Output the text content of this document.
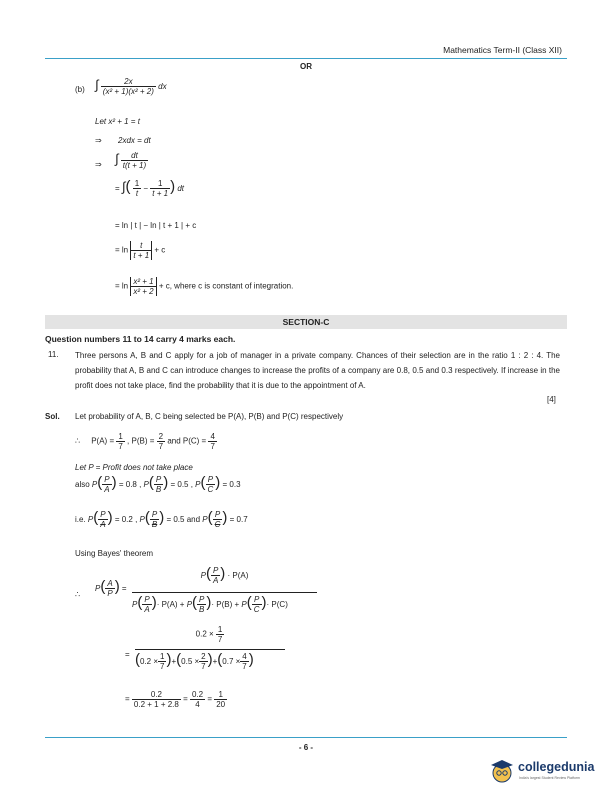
Mathematics Term-II (Class XII)
OR
(b) ∫ $\frac{2x}{\text{(x² + 1)(x² + 2)}}$ dx
Let x² + 1 = t
⇒ 2xdx = dt
⇒ ∫ $\frac{dt}{t(t + 1)}$
= ∫( $\frac{1}{t} - \frac{1}{t + 1}$ ) dt
= ln | t | − ln | t + 1 | + c
= $\ln \frac{t}{t + 1} + c$
= $\ln \frac{\text{x² + 1}}{\text{x² + 2}} + c$, where c is constant of integration.
SECTION-C
Question numbers 11 to 14 carry 4 marks each.
11. Three persons A, B and C apply for a job of manager in a private company. Chances of their selection are in the ratio 1 : 2 : 4. The probability that A, B and C can introduce changes to increase the profits of a company are 0.8, 0.5 and 0.3 respectively. If increase in the profit does not take place, find the probability that it is due to the appointment of A.
[4]
Sol. Let probability of A, B, C being selected be P(A), P(B) and P(C) respectively
∴ $P(A) = \frac{1}{7}$ , $P(B) = \frac{2}{7}$ and $P(C) = \frac{4}{7}$
Let P = Profit does not take place
also $P( \frac{P}{A}$ ) = 0.8 , $P( \frac{P}{B}$ ) = 0.5 , $P( \frac{P}{C}$ ) = 0.3
i.e. $P( \frac{P}{A}$ ) = 0.2 , $P( \frac{P}{B}$ ) = 0.5 and $P( \frac{P}{C}$ ) = 0.7
Using Bayes' theorem
∴
$P( \frac{A}{P}$ ) =
$P( \frac{P}{A}$ ) · P(A)
$P( \frac{P}{A}$ )· $P(A) + P( \frac{P}{B}$ )· $P(B) + P( \frac{P}{C}$ )· P(C)
=
$0.2 \times \frac{1}{7}$
$(0.2 \times \frac{1}{7} )+(0.5 \times \frac{2}{7} )+(0.7 \times \frac{4}{7}$ )
= $\frac{0.2}{0.2 + 1 + 2.8} = \frac{0.2}{4} = \frac{1}{20}$
- 6 -
collegedunia
India's largest Student Review Platform
